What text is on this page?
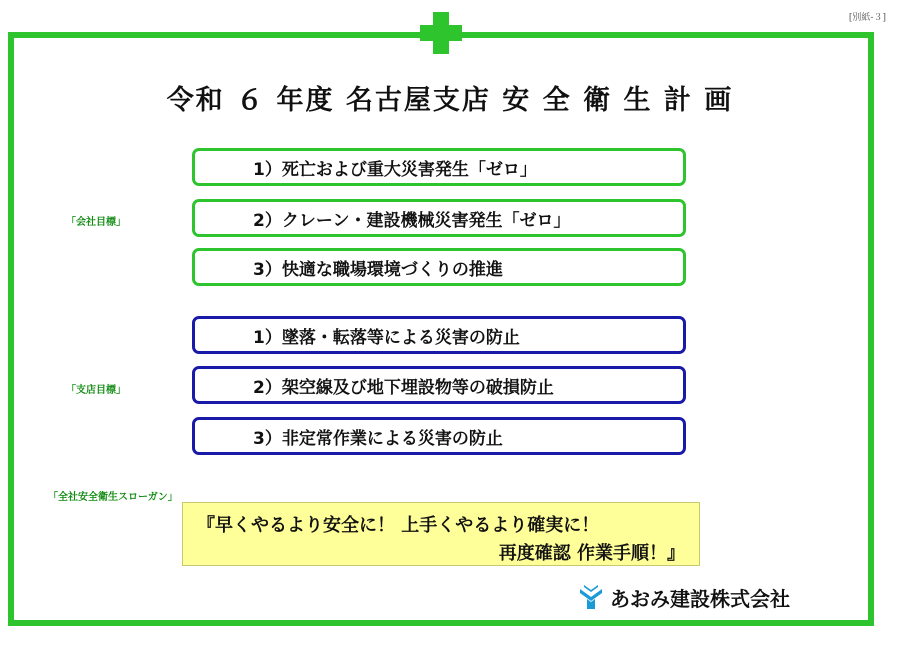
[別紙-３]
令和 ６ 年度 名古屋支店 安 全 衛 生 計 画
「会社目標」
1）死亡および重大災害発生「ゼロ」
2）クレーン・建設機械災害発生「ゼロ」
3）快適な職場環境づくりの推進
「支店目標」
1）墜落・転落等による災害の防止
2）架空線及び地下埋設物等の破損防止
3）非定常作業による災害の防止
「全社安全衛生スローガン」
『早くやるより安全に！ 上手くやるより確実に！
再度確認 作業手順！』
あおみ建設株式会社
